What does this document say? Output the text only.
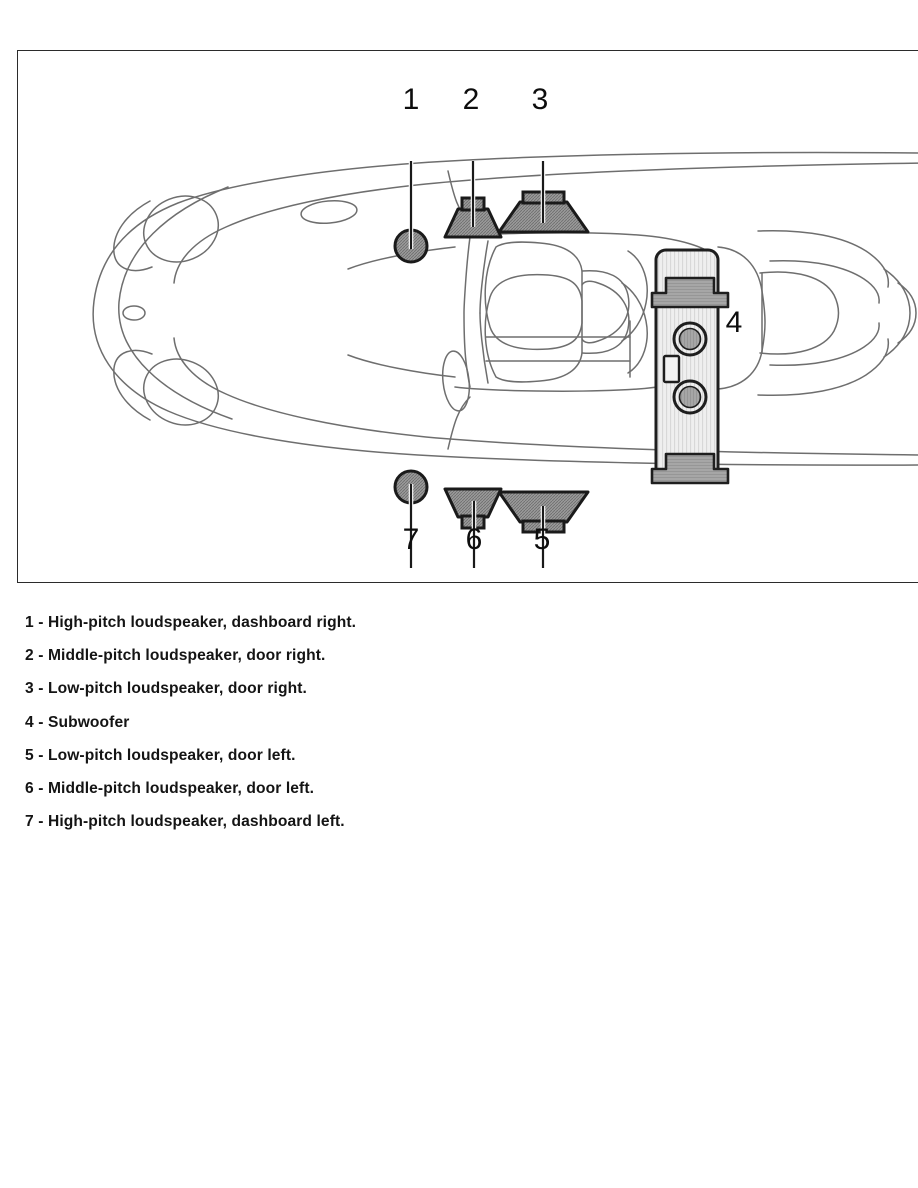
1 2 3
4
5
6
7
1 - High-pitch loudspeaker, dashboard right.
2 - Middle-pitch loudspeaker, door right.
3 - Low-pitch loudspeaker, door right.
4 - Subwoofer
5 - Low-pitch loudspeaker, door left.
6 - Middle-pitch loudspeaker, door left.
7 - High-pitch loudspeaker, dashboard left.
